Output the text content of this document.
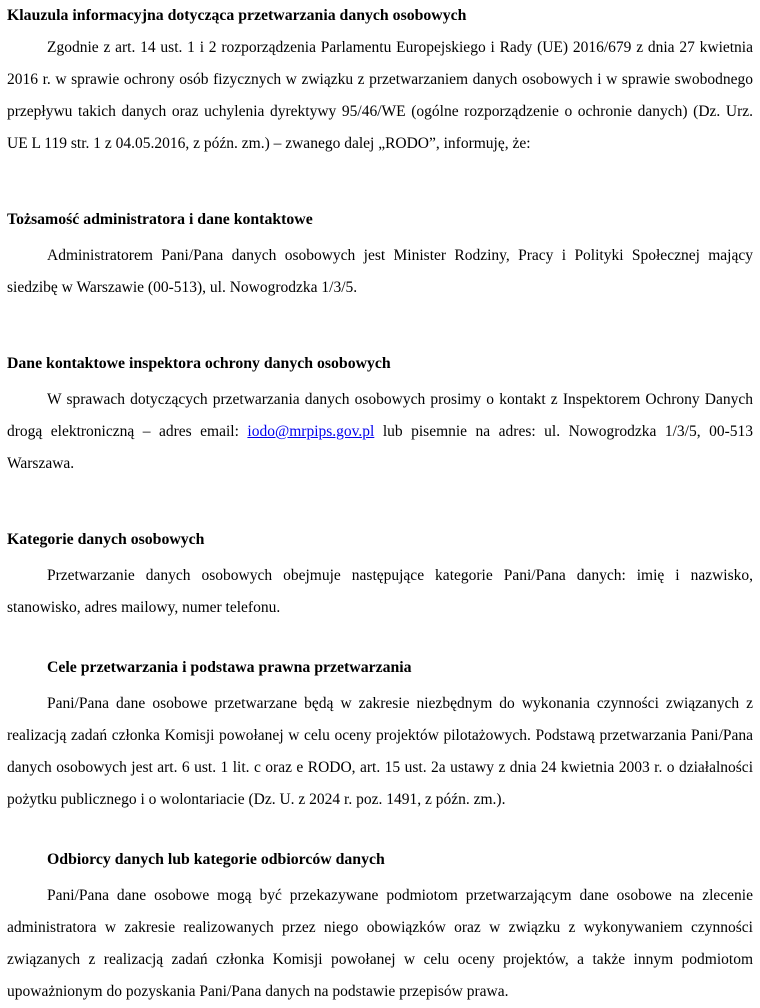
Klauzula informacyjna dotycząca przetwarzania danych osobowych

Zgodnie z art. 14 ust. 1 i 2 rozporządzenia Parlamentu Europejskiego i Rady (UE) 2016/679 z dnia 27 kwietnia 2016 r. w sprawie ochrony osób fizycznych w związku z przetwarzaniem danych osobowych i w sprawie swobodnego przepływu takich danych oraz uchylenia dyrektywy 95/46/WE (ogólne rozporządzenie o ochronie danych) (Dz. Urz. UE L 119 str. 1 z 04.05.2016, z późn. zm.) – zwanego dalej „RODO”, informuję, że:

Tożsamość administratora i dane kontaktowe

Administratorem Pani/Pana danych osobowych jest Minister Rodziny, Pracy i Polityki Społecznej mający siedzibę w Warszawie (00-513), ul. Nowogrodzka 1/3/5.

Dane kontaktowe inspektora ochrony danych osobowych

W sprawach dotyczących przetwarzania danych osobowych prosimy o kontakt z Inspektorem Ochrony Danych drogą elektroniczną – adres email: iodo@mrpips.gov.pl lub pisemnie na adres: ul. Nowogrodzka 1/3/5, 00-513 Warszawa.

Kategorie danych osobowych

Przetwarzanie danych osobowych obejmuje następujące kategorie Pani/Pana danych: imię i nazwisko, stanowisko, adres mailowy, numer telefonu.

Cele przetwarzania i podstawa prawna przetwarzania

Pani/Pana dane osobowe przetwarzane będą w zakresie niezbędnym do wykonania czynności związanych z realizacją zadań członka Komisji powołanej w celu oceny projektów pilotażowych. Podstawą przetwarzania Pani/Pana danych osobowych jest art. 6 ust. 1 lit. c oraz e RODO, art. 15 ust. 2a ustawy z dnia 24 kwietnia 2003 r. o działalności pożytku publicznego i o wolontariacie (Dz. U. z 2024 r. poz. 1491, z późn. zm.).

Odbiorcy danych lub kategorie odbiorców danych

Pani/Pana dane osobowe mogą być przekazywane podmiotom przetwarzającym dane osobowe na zlecenie administratora w zakresie realizowanych przez niego obowiązków oraz w związku z wykonywaniem czynności związanych z realizacją zadań członka Komisji powołanej w celu oceny projektów, a także innym podmiotom upoważnionym do pozyskania Pani/Pana danych na podstawie przepisów prawa.
